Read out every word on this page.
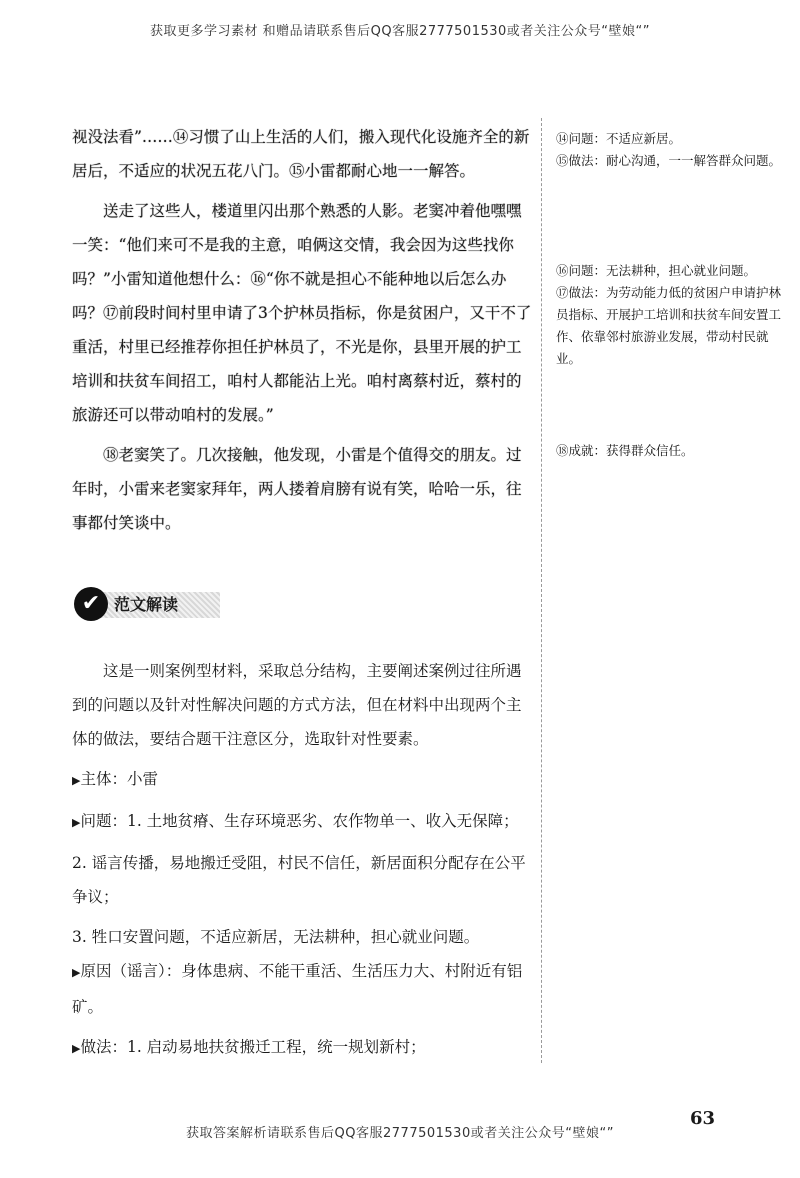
获取更多学习素材 和赠品请联系售后QQ客服2777501530或者关注公众号“壁娘“”

视没法看”……⑭习惯了山上生活的人们，搬入现代化设施齐全的新居后，不适应的状况五花八门。⑮小雷都耐心地一一解答。

送走了这些人，楼道里闪出那个熟悉的人影。老窦冲着他嘿嘿一笑：“他们来可不是我的主意，咱俩这交情，我会因为这些找你吗？”小雷知道他想什么：⑯“你不就是担心不能种地以后怎么办吗？⑰前段时间村里申请了3个护林员指标，你是贫困户，又干不了重活，村里已经推荐你担任护林员了，不光是你，县里开展的护工培训和扶贫车间招工，咱村人都能沾上光。咱村离蔡村近，蔡村的旅游还可以带动咱村的发展。”

⑱老窦笑了。几次接触，他发现，小雷是个值得交的朋友。过年时，小雷来老窦家拜年，两人搂着肩膀有说有笑，哈哈一乐，往事都付笑谈中。

✔ 范文解读

这是一则案例型材料，采取总分结构，主要阐述案例过往所遇到的问题以及针对性解决问题的方式方法，但在材料中出现两个主体的做法，要结合题干注意区分，选取针对性要素。

▶主体：小雷

▶问题：1. 土地贫瘠、生存环境恶劣、农作物单一、收入无保障；

2. 谣言传播，易地搬迁受阻，村民不信任，新居面积分配存在公平争议；

3. 牲口安置问题，不适应新居，无法耕种，担心就业问题。

▶原因（谣言）：身体患病、不能干重活、生活压力大、村附近有铝矿。

▶做法：1. 启动易地扶贫搬迁工程，统一规划新村；

⑭问题：不适应新居。

⑮做法：耐心沟通，一一解答群众问题。

⑯问题：无法耕种，担心就业问题。

⑰做法：为劳动能力低的贫困户申请护林员指标、开展护工培训和扶贫车间安置工作、依靠邻村旅游业发展，带动村民就业。

⑱成就：获得群众信任。

63
获取答案解析请联系售后QQ客服2777501530或者关注公众号“壁娘“”
